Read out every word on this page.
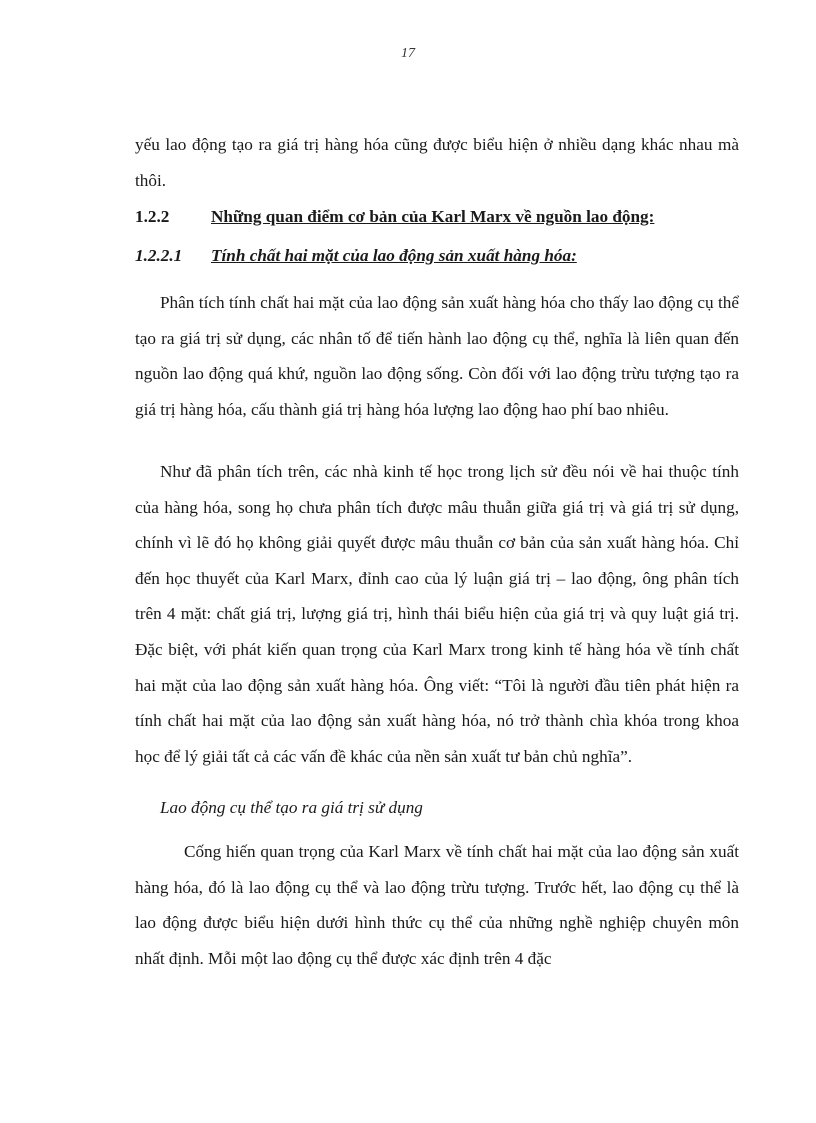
17

yếu lao động tạo ra giá trị hàng hóa cũng được biểu hiện ở nhiều dạng khác nhau mà thôi.

1.2.2 Những quan điểm cơ bản của Karl Marx về nguồn lao động:
1.2.2.1 Tính chất hai mặt của lao động sản xuất hàng hóa:

Phân tích tính chất hai mặt của lao động sản xuất hàng hóa cho thấy lao động cụ thể tạo ra giá trị sử dụng, các nhân tố để tiến hành lao động cụ thể, nghĩa là liên quan đến nguồn lao động quá khứ, nguồn lao động sống. Còn đối với lao động trừu tượng tạo ra giá trị hàng hóa, cấu thành giá trị hàng hóa lượng lao động hao phí bao nhiêu.

Như đã phân tích trên, các nhà kinh tế học trong lịch sử đều nói về hai thuộc tính của hàng hóa, song họ chưa phân tích được mâu thuẫn giữa giá trị và giá trị sử dụng, chính vì lẽ đó họ không giải quyết được mâu thuẫn cơ bản của sản xuất hàng hóa. Chỉ đến học thuyết của Karl Marx, đỉnh cao của lý luận giá trị – lao động, ông phân tích trên 4 mặt: chất giá trị, lượng giá trị, hình thái biểu hiện của giá trị và quy luật giá trị. Đặc biệt, với phát kiến quan trọng của Karl Marx trong kinh tế hàng hóa về tính chất hai mặt của lao động sản xuất hàng hóa. Ông viết: “Tôi là người đầu tiên phát hiện ra tính chất hai mặt của lao động sản xuất hàng hóa, nó trở thành chìa khóa trong khoa học để lý giải tất cả các vấn đề khác của nền sản xuất tư bản chủ nghĩa”.

Lao động cụ thể tạo ra giá trị sử dụng

Cống hiến quan trọng của Karl Marx về tính chất hai mặt của lao động sản xuất hàng hóa, đó là lao động cụ thể và lao động trừu tượng. Trước hết, lao động cụ thể là lao động được biểu hiện dưới hình thức cụ thể của những nghề nghiệp chuyên môn nhất định. Mỗi một lao động cụ thể được xác định trên 4 đặc
